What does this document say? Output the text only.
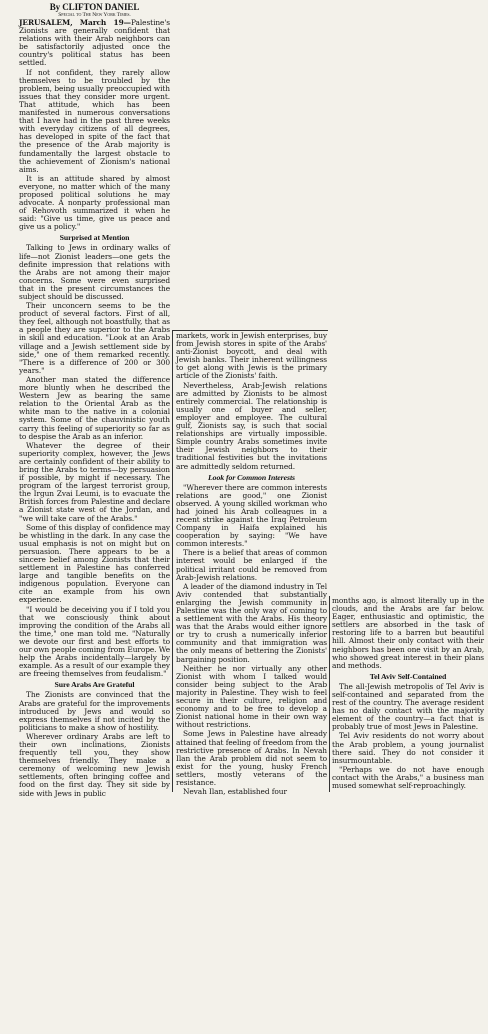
By CLIFTON DANIEL
Special to The New York Times.

JERUSALEM, March 19—Palestine's Zionists are generally confident that relations with their Arab neighbors can be satisfactorily adjusted once the country's political status has been settled.

If not confident, they rarely allow themselves to be troubled by the problem, being usually preoccupied with issues that they consider more urgent. That attitude, which has been manifested in numerous conversations that I have had in the past three weeks with everyday citizens of all degrees, has developed in spite of the fact that the presence of the Arab majority is fundamentally the largest obstacle to the achievement of Zionism's national aims.

It is an attitude shared by almost everyone, no matter which of the many proposed political solutions he may advocate. A nonparty professional man of Rehovoth summarized it when he said: "Give us time, give us peace and give us a policy."

Surprised at Mention

Talking to Jews in ordinary walks of life—not Zionist leaders—one gets the definite impression that relations with the Arabs are not among their major concerns. Some were even surprised that in the present circumstances the subject should be discussed.

Their unconcern seems to be the product of several factors. First of all, they feel, although not boastfully, that as a people they are superior to the Arabs in skill and education. "Look at an Arab village and a Jewish settlement side by side," one of them remarked recently. "There is a difference of 200 or 300 years."

Another man stated the difference more bluntly when he described the Western Jew as bearing the same relation to the Oriental Arab as the white man to the native in a colonial system. Some of the chauvinistic youth carry this feeling of superiority so far as to despise the Arab as an inferior.

Whatever the degree of their superiority complex, however, the Jews are certainly confident of their ability to bring the Arabs to terms—by persuasion if possible, by might if necessary. The program of the largest terrorist group, the Irgun Zvai Leumi, is to evacuate the British forces from Palestine and declare a Zionist state west of the Jordan, and "we will take care of the Arabs."

Some of this display of confidence may be whistling in the dark. In any case the usual emphasis is not on might but on persuasion. There appears to be a sincere belief among Zionists that their settlement in Palestine has conferred large and tangible benefits on the indigenous population. Everyone can cite an example from his own experience.

"I would be deceiving you if I told you that we consciously think about improving the condition of the Arabs all the time," one man told me. "Naturally we devote our first and best efforts to our own people coming from Europe. We help the Arabs incidentally—largely by example. As a result of our example they are freeing themselves from feudalism."

Sure Arabs Are Grateful

The Zionists are convinced that the Arabs are grateful for the improvements introduced by Jews and would so express themselves if not incited by the politicians to make a show of hostility.

Wherever ordinary Arabs are left to their own inclinations, Zionists frequently tell you, they show themselves friendly. They make a ceremony of welcoming new Jewish settlements, often bringing coffee and food on the first day. They sit side by side with Jews in public

markets, work in Jewish enterprises, buy from Jewish stores in spite of the Arabs' anti-Zionist boycott, and deal with Jewish banks. Their inherent willingness to get along with Jewis is the primary article of the Zionists' faith.

Nevertheless, Arab-Jewish relations are admitted by Zionists to be almost entirely commercial. The relationship is usually one of buyer and seller, employer and employee. The cultural gulf, Zionists say, is such that social relationships are virtually impossible. Simple country Arabs sometimes invite their Jewish neighbors to their traditional festivities but the invitations are admittedly seldom returned.

Look for Common Interests

"Wherever there are common interests relations are good," one Zionist observed. A young skilled workman who had joined his Arab colleagues in a recent strike against the Iraq Petroleum Company in Haifa explained his cooperation by saying: "We have common interests."

There is a belief that areas of common interest would be enlarged if the political irritant could be removed from Arab-Jewish relations.

A leader of the diamond industry in Tel Aviv contended that substantially enlarging the Jewish community in Palestine was the only way of coming to a settlement with the Arabs. His theory was that the Arabs would either ignore or try to crush a numerically inferior community and that immigration was the only means of bettering the Zionists' bargaining position.

Neither he nor virtually any other Zionist with whom I talked would consider being subject to the Arab majority in Palestine. They wish to feel secure in their culture, religion and economy and to be free to develop a Zionist national home in their own way without restrictions.

Some Jews in Palestine have already attained that feeling of freedom from the restrictive presence of Arabs. In Nevah Ilan the Arab problem did not seem to exist for the young, husky French settlers, mostly veterans of the resistance.

Nevah Ilan, established four

months ago, is almost literally up in the clouds, and the Arabs are far below. Eager, enthusiastic and optimistic, the settlers are absorbed in the task of restoring life to a barren but beautiful hill. Almost their only contact with their neighbors has been one visit by an Arab, who showed great interest in their plans and methods.

Tel Aviv Self-Contained

The all-Jewish metropolis of Tel Aviv is self-contained and separated from the rest of the country. The average resident has no daily contact with the majority element of the country—a fact that is probably true of most Jews in Palestine.

Tel Aviv residents do not worry about the Arab problem, a young journalist there said. They do not consider it insurmountable.

"Perhaps we do not have enough contact with the Arabs," a business man mused somewhat self-reproachingly.
